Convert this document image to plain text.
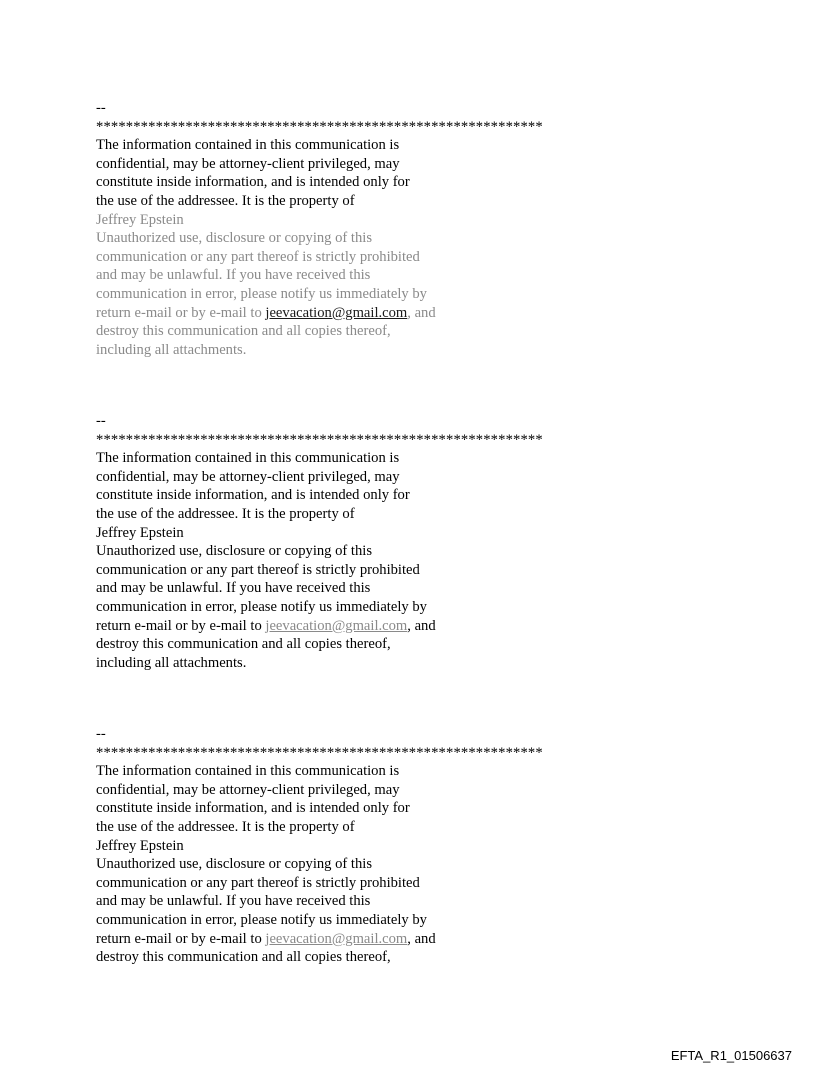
--
************************************************************
The information contained in this communication is
confidential, may be attorney-client privileged, may
constitute inside information, and is intended only for
the use of the addressee. It is the property of
Jeffrey Epstein
Unauthorized use, disclosure or copying of this
communication or any part thereof is strictly prohibited
and may be unlawful. If you have received this
communication in error, please notify us immediately by
return e-mail or by e-mail to jeevacation@gmail.com, and
destroy this communication and all copies thereof,
including all attachments.
--
************************************************************
The information contained in this communication is
confidential, may be attorney-client privileged, may
constitute inside information, and is intended only for
the use of the addressee. It is the property of
Jeffrey Epstein
Unauthorized use, disclosure or copying of this
communication or any part thereof is strictly prohibited
and may be unlawful. If you have received this
communication in error, please notify us immediately by
return e-mail or by e-mail to jeevacation@gmail.com, and
destroy this communication and all copies thereof,
including all attachments.
--
************************************************************
The information contained in this communication is
confidential, may be attorney-client privileged, may
constitute inside information, and is intended only for
the use of the addressee. It is the property of
Jeffrey Epstein
Unauthorized use, disclosure or copying of this
communication or any part thereof is strictly prohibited
and may be unlawful. If you have received this
communication in error, please notify us immediately by
return e-mail or by e-mail to jeevacation@gmail.com, and
destroy this communication and all copies thereof,
EFTA_R1_01506637
